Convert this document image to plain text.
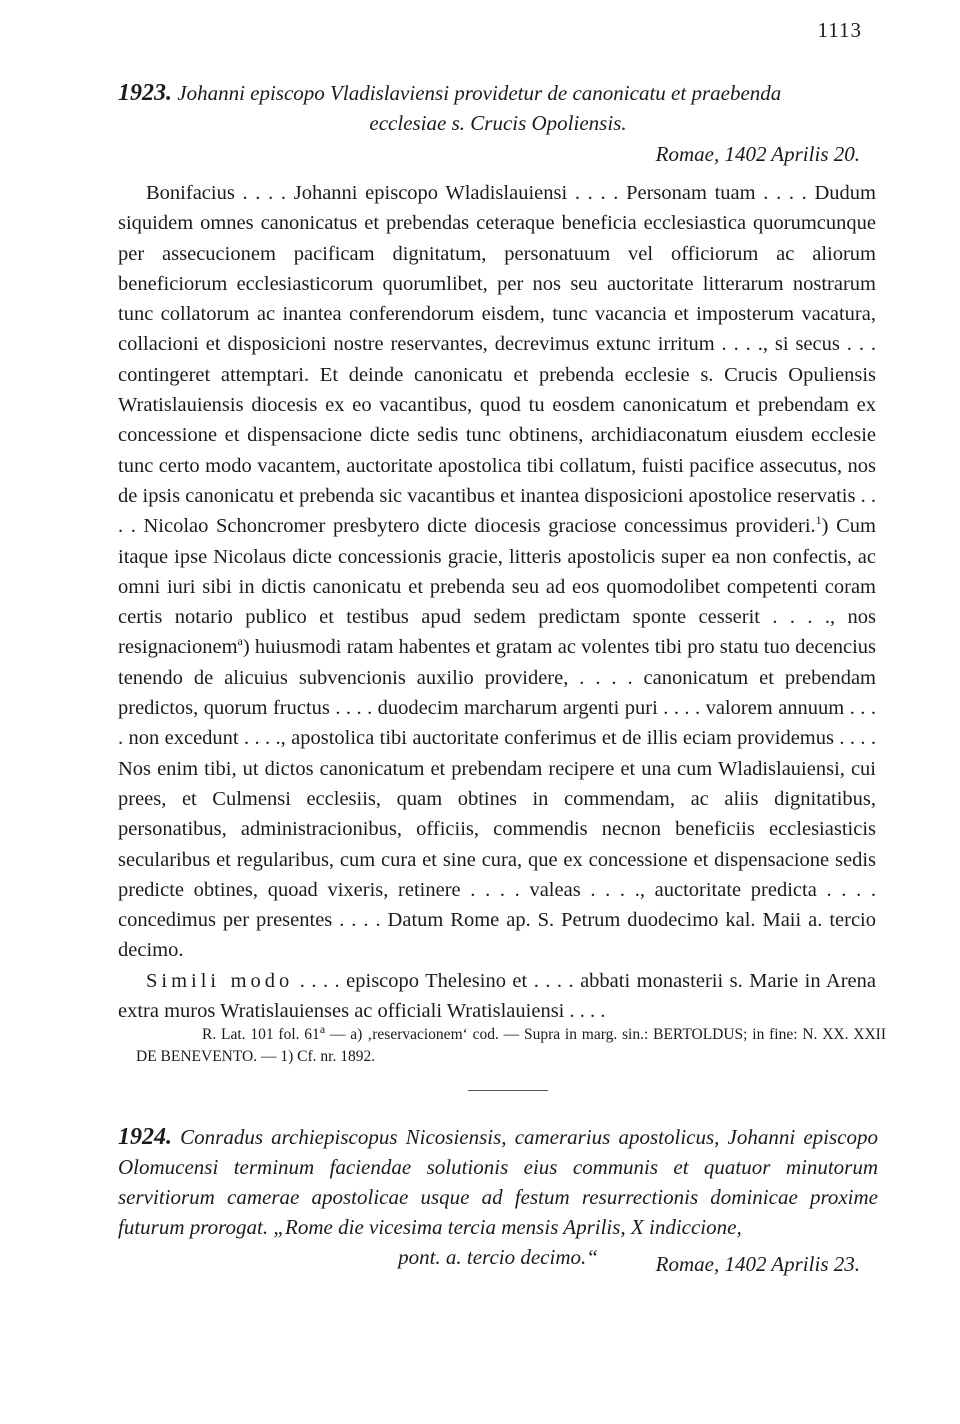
1113
1923. Johanni episcopo Vladislaviensi providetur de canonicatu et praebenda
ecclesiae s. Crucis Opoliensis.
Romae, 1402 Aprilis 20.

Bonifacius . . . . Johanni episcopo Wladislauiensi . . . . Personam tuam . . . . Dudum siquidem omnes canonicatus et prebendas ceteraque beneficia ecclesiastica quorumcunque per assecucionem pacificam dignitatum, personatuum vel officiorum ac aliorum beneficiorum ecclesiasticorum quorumlibet, per nos seu auctoritate litterarum nostrarum tunc collatorum ac inantea conferendorum eisdem, tunc vacancia et imposterum vacatura, collacioni et disposicioni nostre reservantes, decrevimus extunc irritum . . . ., si secus . . . contingeret attemptari. Et deinde canonicatu et prebenda ecclesie s. Crucis Opuliensis Wratislauiensis diocesis ex eo vacantibus, quod tu eosdem canonicatum et prebendam ex concessione et dispensacione dicte sedis tunc obtinens, archidiaconatum eiusdem ecclesie tunc certo modo vacantem, auctoritate apostolica tibi collatum, fuisti pacifice assecutus, nos de ipsis canonicatu et prebenda sic vacantibus et inantea disposicioni apostolice reservatis . . . . Nicolao Schoncromer presbytero dicte diocesis graciose concessimus provideri.$^1$) Cum itaque ipse Nicolaus dicte concessionis gracie, litteris apostolicis super ea non confectis, ac omni iuri sibi in dictis canonicatu et prebenda seu ad eos quomodolibet competenti coram certis notario publico et testibus apud sedem predictam sponte cesserit . . . ., nos resignacionem$^a$) huiusmodi ratam habentes et gratam ac volentes tibi pro statu tuo decencius tenendo de alicuius subvencionis auxilio providere, . . . . canonicatum et prebendam predictos, quorum fructus . . . . duodecim marcharum argenti puri . . . . valorem annuum . . . . non excedunt . . . ., apostolica tibi auctoritate conferimus et de illis eciam providemus . . . . Nos enim tibi, ut dictos canonicatum et prebendam recipere et una cum Wladislauiensi, cui prees, et Culmensi ecclesiis, quam obtines in commendam, ac aliis dignitatibus, personatibus, administracionibus, officiis, commendis necnon beneficiis ecclesiasticis secularibus et regularibus, cum cura et sine cura, que ex concessione et dispensacione sedis predicte obtines, quoad vixeris, retinere . . . . valeas . . . ., auctoritate predicta . . . . concedimus per presentes . . . . Datum Rome ap. S. Petrum duodecimo kal. Maii a. tercio decimo.

Simili modo . . . . episcopo Thelesino et . . . . abbati monasterii s. Marie in Arena extra muros Wratislauienses ac officiali Wratislauiensi . . . .

R. Lat. 101 fol. 61$^a$ — a) ‚reservacionem‘ cod. — Supra in marg. sin.: BERTOLDUS; in fine: N. XX. XXII DE BENEVENTO. — 1) Cf. nr. 1892.
1924. Conradus archiepiscopus Nicosiensis, camerarius apostolicus, Johanni episcopo Olomucensi terminum faciendae solutionis eius communis et quatuor minutorum servitiorum camerae apostolicae usque ad festum resurrectionis dominicae proxime futurum prorogat. „Rome die vicesima tercia mensis Aprilis, X indiccione,
pont. a. tercio decimo.“	Romae, 1402 Aprilis 23.
